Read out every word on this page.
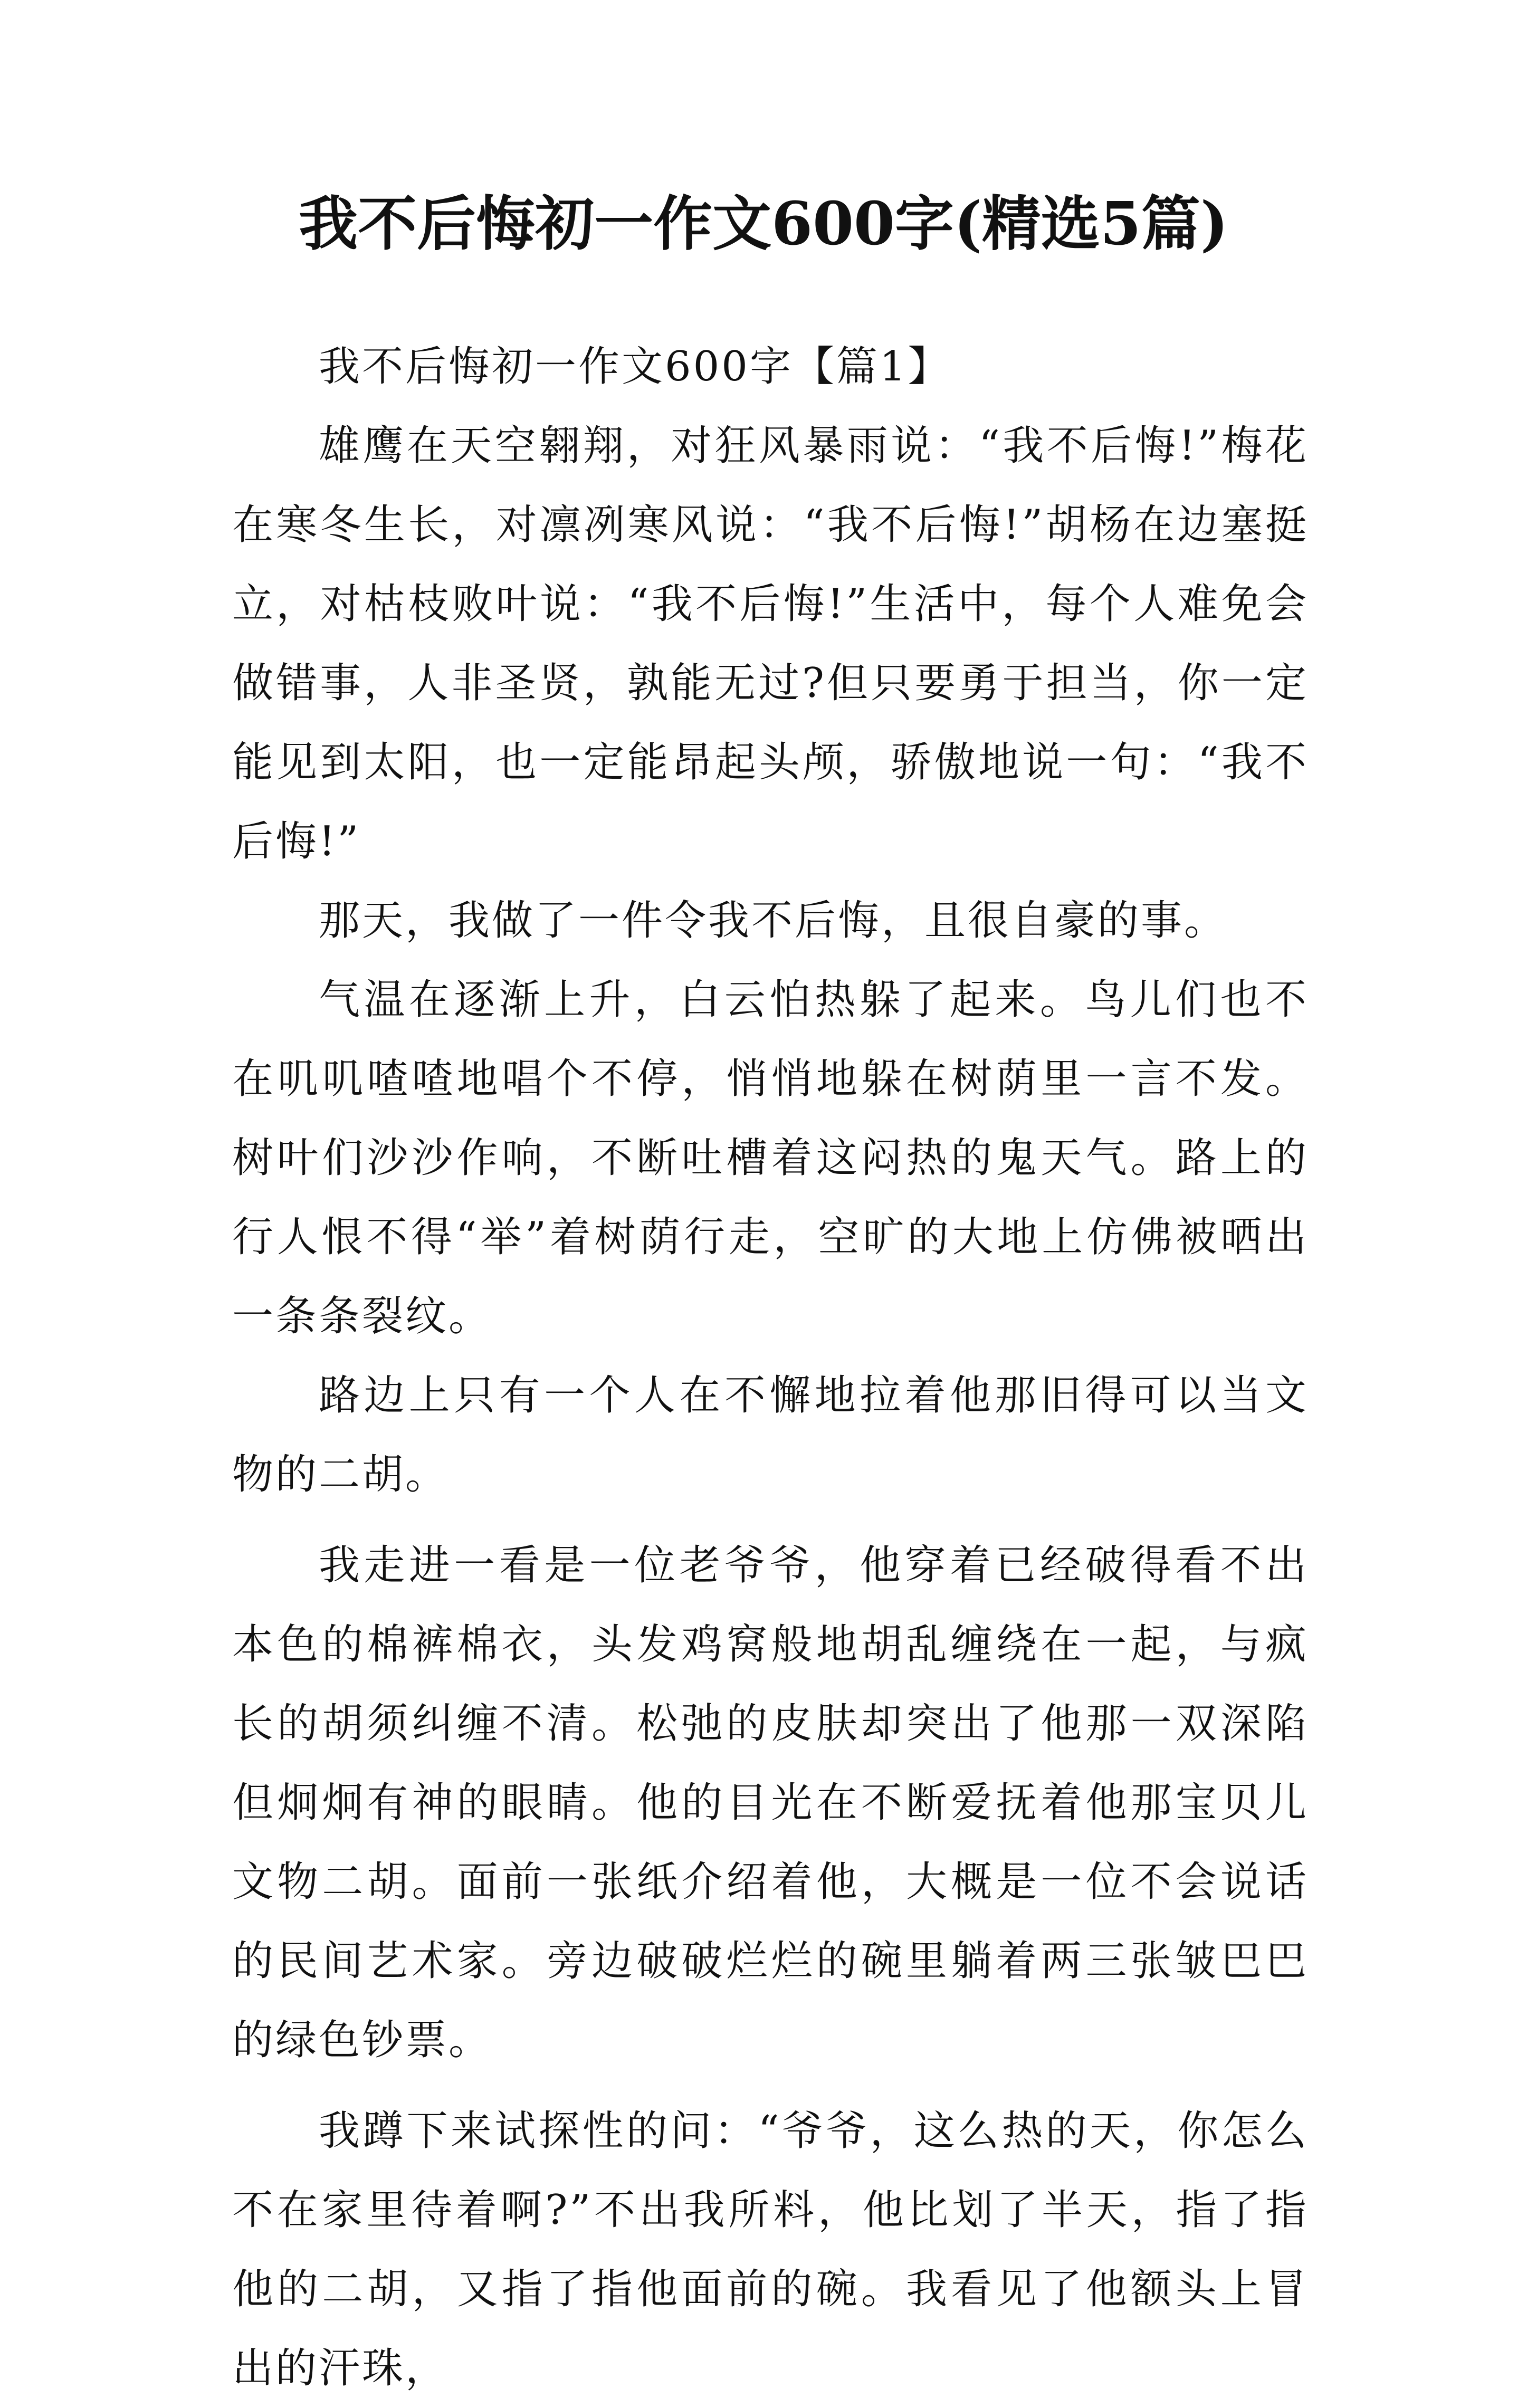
我不后悔初一作文600字(精选5篇)

我不后悔初一作文600字【篇1】

雄鹰在天空翱翔，对狂风暴雨说：“我不后悔!”梅花在寒冬生长，对凛冽寒风说：“我不后悔!”胡杨在边塞挺立，对枯枝败叶说：“我不后悔!”生活中，每个人难免会做错事，人非圣贤，孰能无过?但只要勇于担当，你一定能见到太阳，也一定能昂起头颅，骄傲地说一句：“我不后悔!”

那天，我做了一件令我不后悔，且很自豪的事。

气温在逐渐上升，白云怕热躲了起来。鸟儿们也不在叽叽喳喳地唱个不停，悄悄地躲在树荫里一言不发。树叶们沙沙作响，不断吐槽着这闷热的鬼天气。路上的行人恨不得“举”着树荫行走，空旷的大地上仿佛被晒出一条条裂纹。

路边上只有一个人在不懈地拉着他那旧得可以当文物的二胡。

我走进一看是一位老爷爷，他穿着已经破得看不出本色的棉裤棉衣，头发鸡窝般地胡乱缠绕在一起，与疯长的胡须纠缠不清。松弛的皮肤却突出了他那一双深陷但炯炯有神的眼睛。他的目光在不断爱抚着他那宝贝儿文物二胡。面前一张纸介绍着他，大概是一位不会说话的民间艺术家。旁边破破烂烂的碗里躺着两三张皱巴巴的绿色钞票。

我蹲下来试探性的问：“爷爷，这么热的天，你怎么不在家里待着啊?”不出我所料，他比划了半天，指了指他的二胡，又指了指他面前的碗。我看见了他额头上冒出的汗珠，
